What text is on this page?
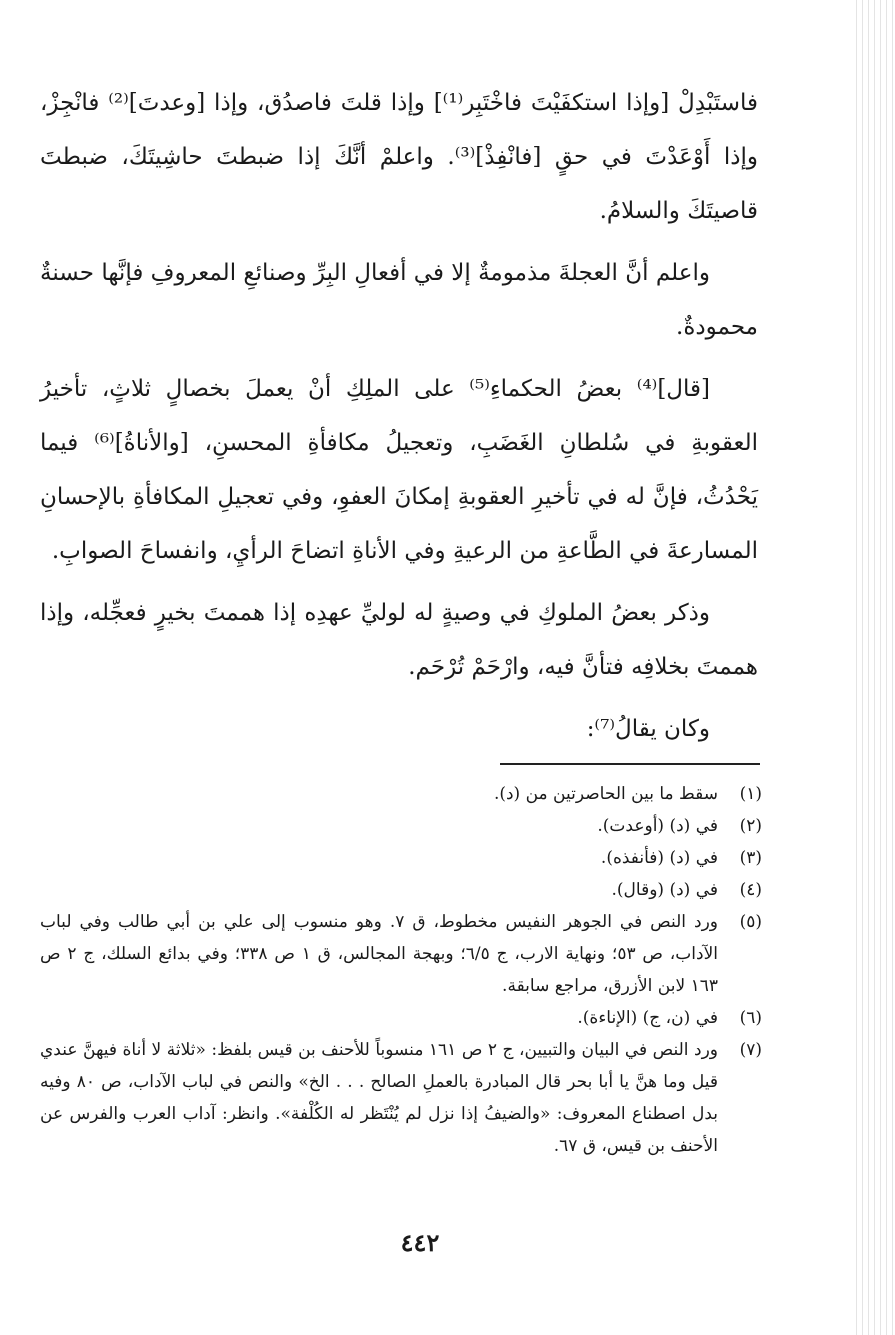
فاستَبْدِلْ [وإذا استكفَيْتَ فاخْتَبِر⁽¹⁾] وإذا قلتَ فاصدُق، وإذا [وعدتَ]⁽²⁾ فانْجِزْ، وإذا أَوْعَدْتَ في حقٍ [فانْفِذْ]⁽³⁾. واعلمْ أنَّكَ إذا ضبطتَ حاشِيتَكَ، ضبطتَ قاصيتَكَ والسلامُ.

واعلم أنَّ العجلةَ مذمومةٌ إلا في أفعالِ البِرِّ وصنائعِ المعروفِ فإنَّها حسنةٌ محمودةٌ.

[قال]⁽⁴⁾ بعضُ الحكماءِ⁽⁵⁾ على الملِكِ أنْ يعملَ بخصالٍ ثلاثٍ، تأخيرُ العقوبةِ في سُلطانِ الغَضَبِ، وتعجيلُ مكافأةِ المحسنِ، [والأناةُ]⁽⁶⁾ فيما يَحْدُثُ، فإنَّ له في تأخيرِ العقوبةِ إمكانَ العفوِ، وفي تعجيلِ المكافأةِ بالإحسانِ المسارعةَ في الطَّاعةِ من الرعيةِ وفي الأناةِ اتضاحَ الرأيِ، وانفساحَ الصوابِ.

وذكر بعضُ الملوكِ في وصيةٍ له لوليِّ عهدِه إذا هممتَ بخيرٍ فعجِّله، وإذا هممتَ بخلافِه فتأنَّ فيه، وارْحَمْ تُرْحَم.

وكان يقالُ⁽⁷⁾:

(١)
سقط ما بين الحاصرتين من (د).
(٢)
في (د) (أوعدت).
(٣)
في (د) (فأنفذه).
(٤)
في (د) (وقال).
(٥)
ورد النص في الجوهر النفيس مخطوط، ق ٧. وهو منسوب إلى علي بن أبي طالب وفي لباب الآداب، ص ٥٣؛ ونهاية الارب، ج ٦/٥؛ وبهجة المجالس، ق ١ ص ٣٣٨؛ وفي بدائع السلك، ج ٢ ص ١٦٣ لابن الأزرق، مراجع سابقة.
(٦)
في (ن، ج) (الإناءة).
(٧)
ورد النص في البيان والتبيين، ج ٢ ص ١٦١ منسوباً للأحنف بن قيس بلفظ: «ثلاثة لا أناة فيهنَّ عندي قيل وما هنَّ يا أبا بحر قال المبادرة بالعملِ الصالح . . . الخ» والنص في لباب الآداب، ص ٨٠ وفيه بدل اصطناع المعروف: «والضيفُ إذا نزل لم يُنْتَظر له الكُلْفة». وانظر: آداب العرب والفرس عن الأحنف بن قيس، ق ٦٧.
٤٤٢
